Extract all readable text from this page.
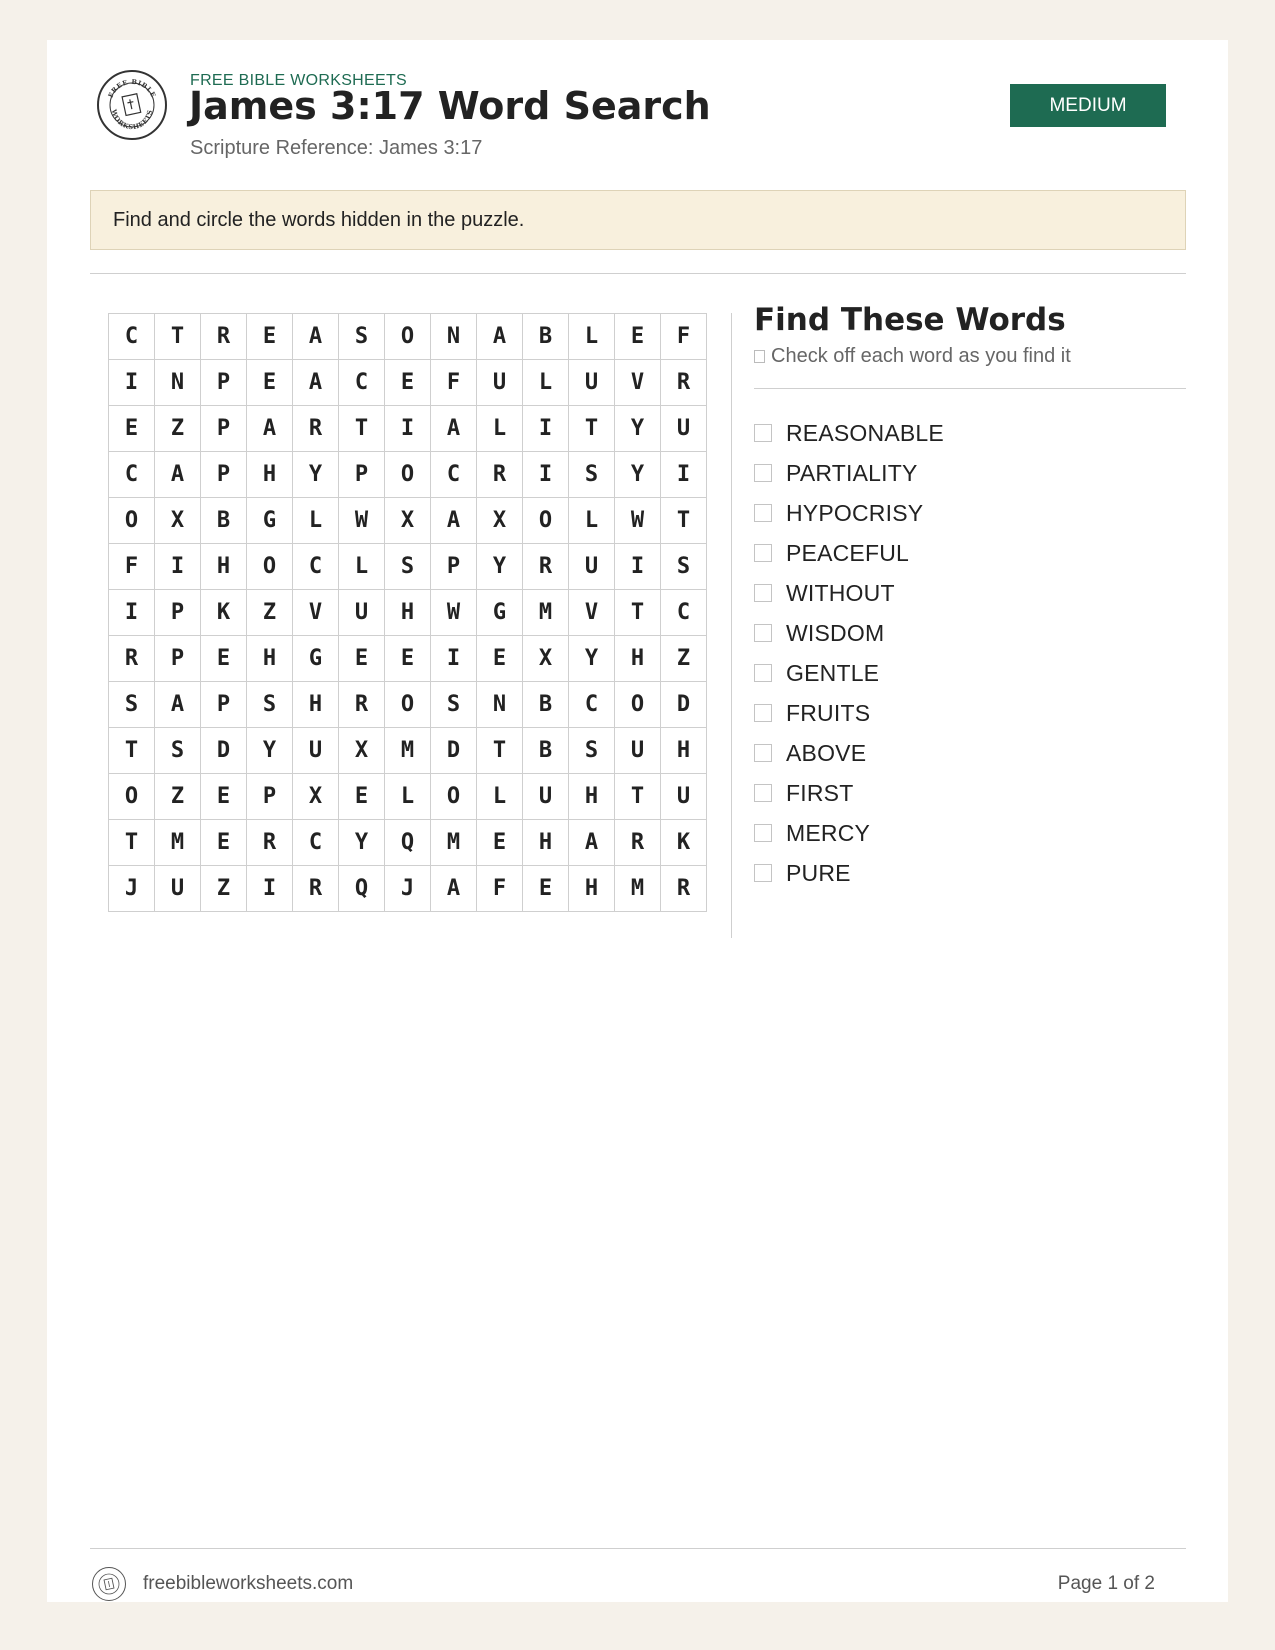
FREE BIBLE
WORKSHEETS
FREE BIBLE WORKSHEETS
James 3:17 Word Search
Scripture Reference: James 3:17
MEDIUM
Find and circle the words hidden in the puzzle.
C	T	R	E	A	S	O	N	A	B	L	E	F
I	N	P	E	A	C	E	F	U	L	U	V	R
E	Z	P	A	R	T	I	A	L	I	T	Y	U
C	A	P	H	Y	P	O	C	R	I	S	Y	I
O	X	B	G	L	W	X	A	X	O	L	W	T
F	I	H	O	C	L	S	P	Y	R	U	I	S
I	P	K	Z	V	U	H	W	G	M	V	T	C
R	P	E	H	G	E	E	I	E	X	Y	H	Z
S	A	P	S	H	R	O	S	N	B	C	O	D
T	S	D	Y	U	X	M	D	T	B	S	U	H
O	Z	E	P	X	E	L	O	L	U	H	T	U
T	M	E	R	C	Y	Q	M	E	H	A	R	K
J	U	Z	I	R	Q	J	A	F	E	H	M	R
Find These Words
Check off each word as you find it
REASONABLE
PARTIALITY
HYPOCRISY
PEACEFUL
WITHOUT
WISDOM
GENTLE
FRUITS
ABOVE
FIRST
MERCY
PURE
freebibleworksheets.com	Page 1 of 2
